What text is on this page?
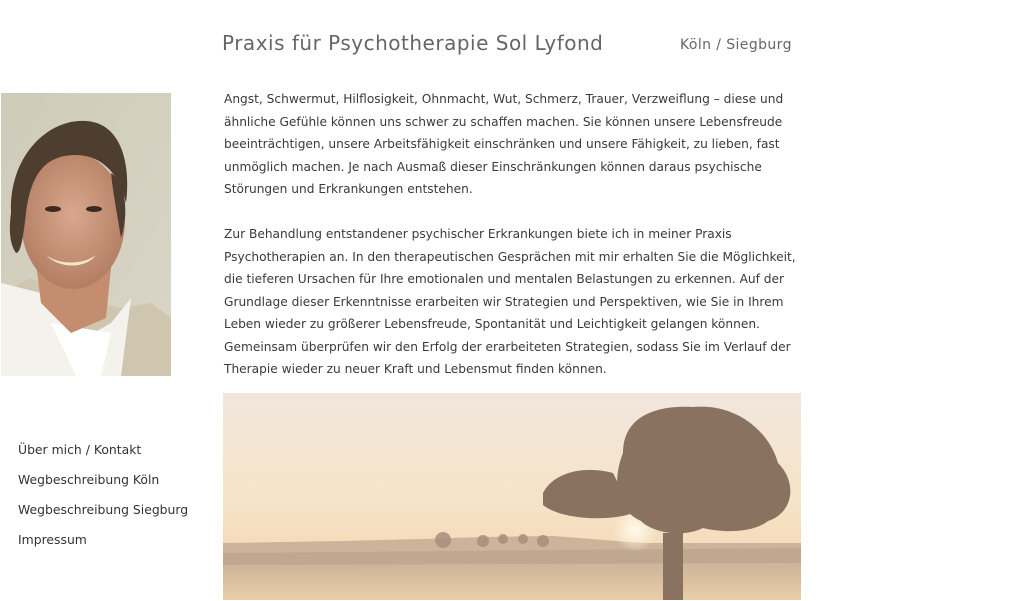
Praxis für Psychotherapie Sol Lyfond	Köln / Siegburg

Angst, Schwermut, Hilflosigkeit, Ohnmacht, Wut, Schmerz, Trauer, Verzweiflung – diese und ähnliche Gefühle können uns schwer zu schaffen machen. Sie können unsere Lebensfreude beeinträchtigen, unsere Arbeitsfähigkeit einschränken und unsere Fähigkeit, zu lieben, fast unmöglich machen. Je nach Ausmaß dieser Einschränkungen können daraus psychische Störungen und Erkrankungen entstehen.

Zur Behandlung entstandener psychischer Erkrankungen biete ich in meiner Praxis Psychotherapien an. In den therapeutischen Gesprächen mit mir erhalten Sie die Möglichkeit, die tieferen Ursachen für Ihre emotionalen und mentalen Belastungen zu erkennen. Auf der Grundlage dieser Erkenntnisse erarbeiten wir Strategien und Perspektiven, wie Sie in Ihrem Leben wieder zu größerer Lebensfreude, Spontanität und Leichtigkeit gelangen können. Gemeinsam überprüfen wir den Erfolg der erarbeiteten Strategien, sodass Sie im Verlauf der Therapie wieder zu neuer Kraft und Lebensmut finden können.

Über mich / Kontakt
Wegbeschreibung Köln
Wegbeschreibung Siegburg
Impressum
